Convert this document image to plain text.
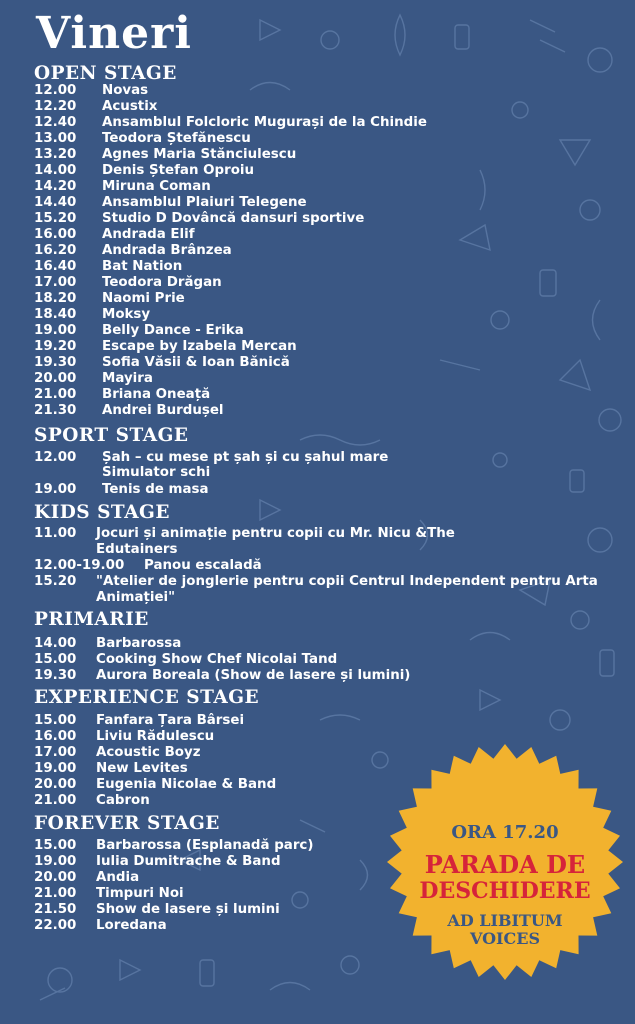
Vineri
OPEN STAGE
12.00 Novas
12.20 Acustix
12.40 Ansamblul Folcloric Mugurași de la Chindie
13.00 Teodora Ștefănescu
13.20 Agnes Maria Stănciulescu
14.00 Denis Ștefan Oproiu
14.20 Miruna Coman
14.40 Ansamblul Plaiuri Telegene
15.20 Studio D Dovâncă dansuri sportive
16.00 Andrada Elif
16.20 Andrada Brânzea
16.40 Bat Nation
17.00 Teodora Drăgan
18.20 Naomi Prie
18.40 Moksy
19.00 Belly Dance - Erika
19.20 Escape by Izabela Mercan
19.30 Sofia Văsii & Ioan Bănică
20.00 Mayira
21.00 Briana Oneață
21.30 Andrei Burdușel
SPORT STAGE
12.00 Șah – cu mese pt șah și cu șahul mare
Simulator schi
19.00 Tenis de masa
KIDS STAGE
11.00 Jocuri și animație pentru copii cu Mr. Nicu &The Edutainers
12.00-19.00 Panou escaladă
15.20 "Atelier de jonglerie pentru copii Centrul Independent pentru Arta Animației"
PRIMARIE
14.00 Barbarossa
15.00 Cooking Show Chef Nicolai Tand
19.30 Aurora Boreala (Show de lasere și lumini)
EXPERIENCE STAGE
15.00 Fanfara Țara Bârsei
16.00 Liviu Rădulescu
17.00 Acoustic Boyz
19.00 New Levites
20.00 Eugenia Nicolae & Band
21.00 Cabron
FOREVER STAGE
15.00 Barbarossa (Esplanadă parc)
19.00 Iulia Dumitrache & Band
20.00 Andia
21.00 Timpuri Noi
21.50 Show de lasere și lumini
22.00 Loredana
ORA 17.20
PARADA DE
DESCHIDERE
AD LIBITUM
VOICES
